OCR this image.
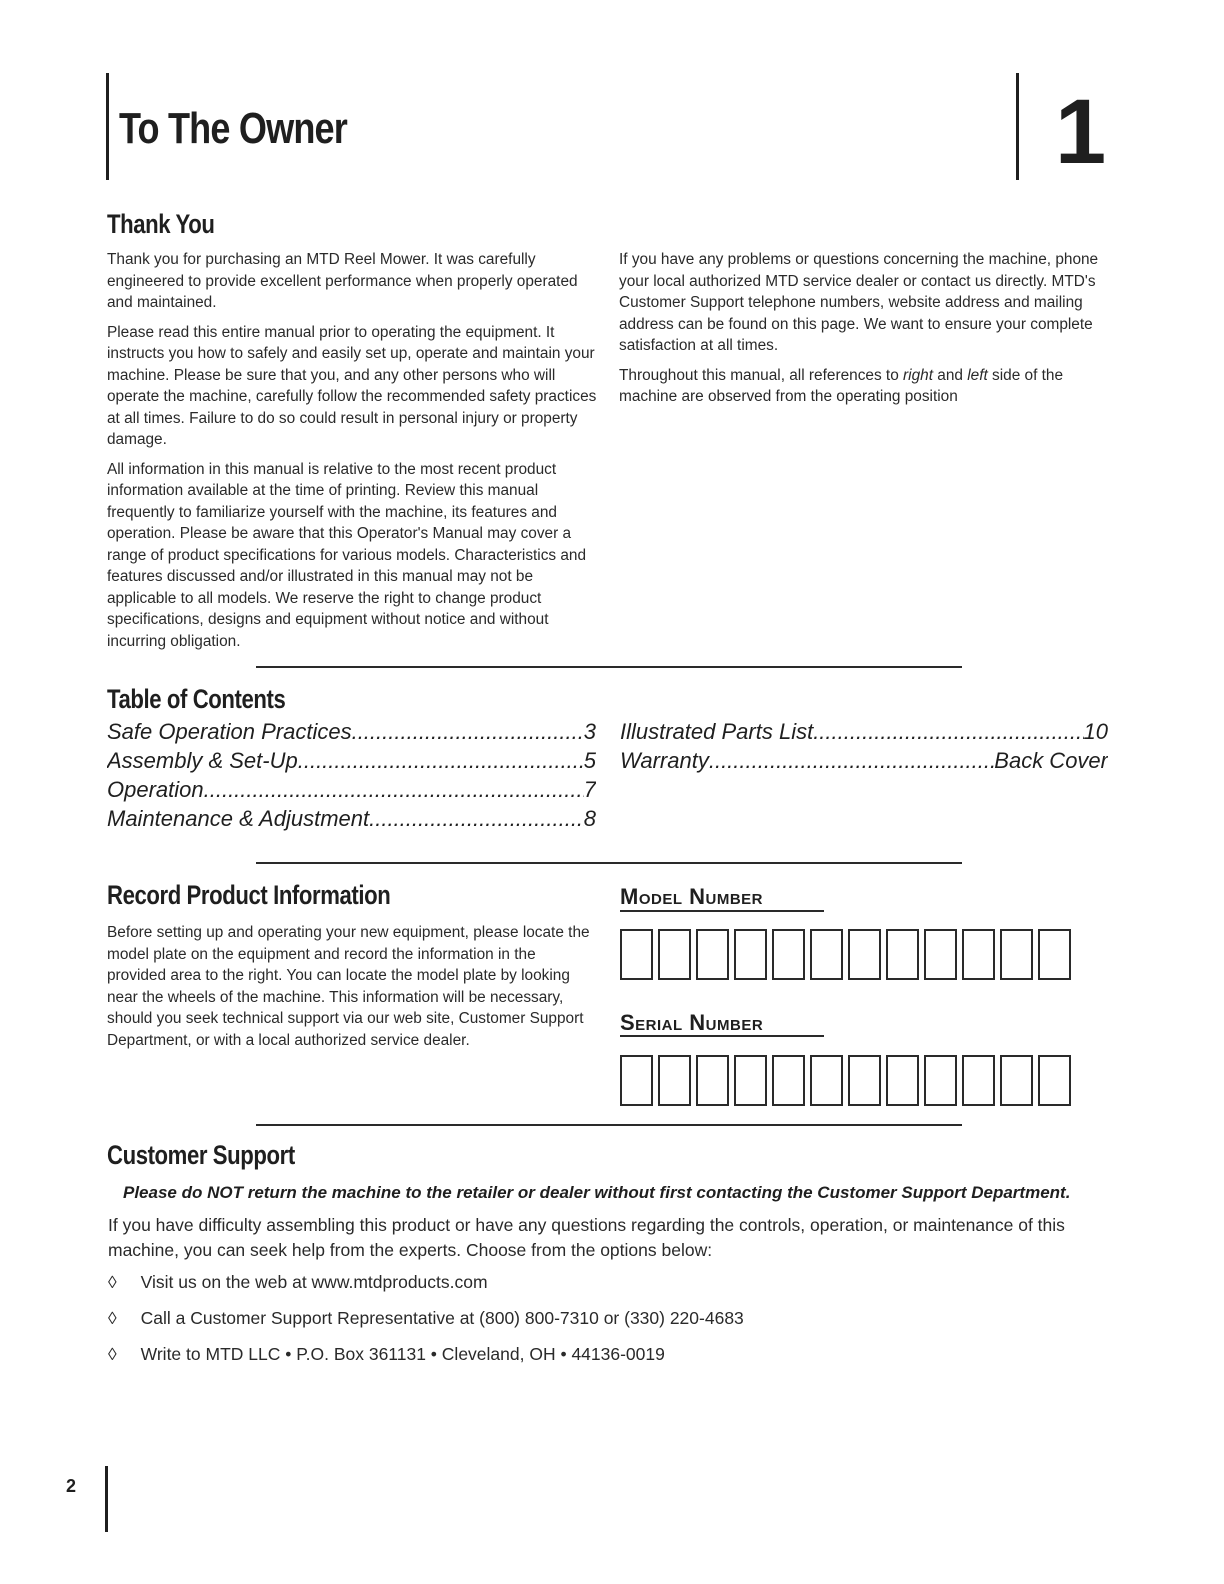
To The Owner	1
Thank You

Thank you for purchasing an MTD Reel Mower. It was carefully engineered to provide excellent performance when properly operated and maintained.

Please read this entire manual prior to operating the equipment. It instructs you how to safely and easily set up, operate and maintain your machine. Please be sure that you, and any other persons who will operate the machine, carefully follow the recommended safety practices at all times. Failure to do so could result in personal injury or property damage.

All information in this manual is relative to the most recent product information available at the time of printing. Review this manual frequently to familiarize yourself with the machine, its features and operation. Please be aware that this Operator's Manual may cover a range of product specifications for various models. Characteristics and features discussed and/or illustrated in this manual may not be applicable to all models. We reserve the right to change product specifications, designs and equipment without notice and without incurring obligation.

If you have any problems or questions concerning the machine, phone your local authorized MTD service dealer or contact us directly. MTD's Customer Support telephone numbers, website address and mailing address can be found on this page. We want to ensure your complete satisfaction at all times.

Throughout this manual, all references to right and left side of the machine are observed from the operating position

Table of Contents
Safe Operation Practices .....	3
Assembly & Set-Up .....	5
Operation .....	7
Maintenance & Adjustment .....	8
Illustrated Parts List .....	10
Warranty .....	Back Cover
Record Product Information
Before setting up and operating your new equipment, please locate the model plate on the equipment and record the information in the provided area to the right. You can locate the model plate by looking near the wheels of the machine. This information will be necessary, should you seek technical support via our web site, Customer Support Department, or with a local authorized service dealer.
Model Number
Serial Number
Customer Support
Please do NOT return the machine to the retailer or dealer without first contacting the Customer Support Department.
If you have difficulty assembling this product or have any questions regarding the controls, operation, or maintenance of this machine, you can seek help from the experts. Choose from the options below:
◊ Visit us on the web at www.mtdproducts.com
◊ Call a Customer Support Representative at (800) 800-7310 or (330) 220-4683
◊ Write to MTD LLC • P.O. Box 361131 • Cleveland, OH • 44136-0019
2
